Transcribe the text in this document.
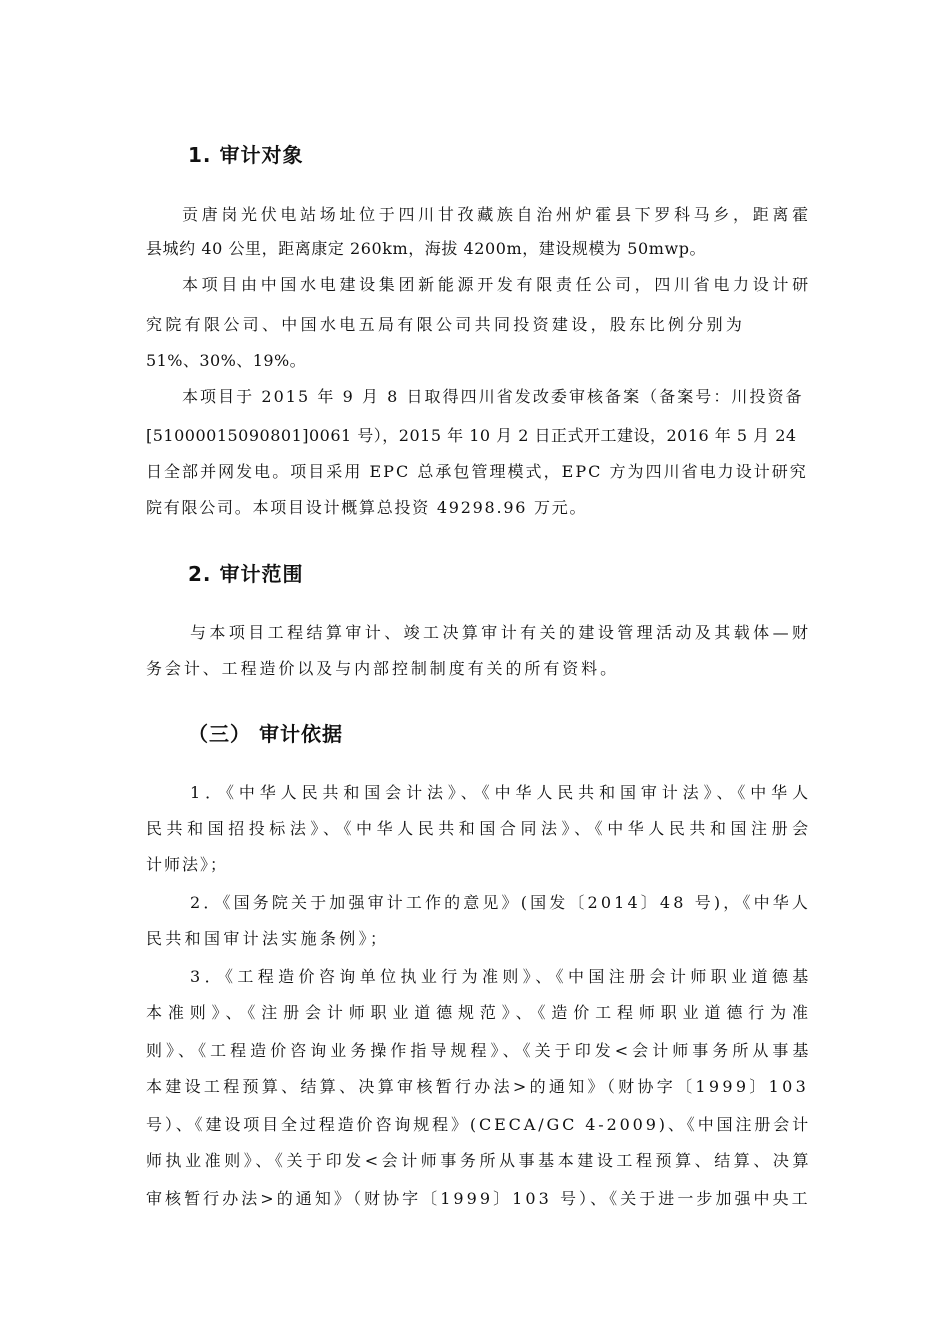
1. 审计对象
贡唐岗光伏电站场址位于四川甘孜藏族自治州炉霍县下罗科马乡，距离霍
县城约 40 公里，距离康定 260km，海拔 4200m，建设规模为 50mwp。
本项目由中国水电建设集团新能源开发有限责任公司，四川省电力设计研
究院有限公司、中国水电五局有限公司共同投资建设，股东比例分别为
51%、30%、19%。
本项目于 2015 年 9 月 8 日取得四川省发改委审核备案（备案号：川投资备
[51000015090801]0061 号），2015 年 10 月 2 日正式开工建设，2016 年 5 月 24
日全部并网发电。项目采用 EPC 总承包管理模式，EPC 方为四川省电力设计研究
院有限公司。本项目设计概算总投资 49298.96 万元。
2. 审计范围
与本项目工程结算审计、竣工决算审计有关的建设管理活动及其载体—财
务会计、工程造价以及与内部控制制度有关的所有资料。
（三） 审计依据
1．《中华人民共和国会计法》、《中华人民共和国审计法》、《中华人
民共和国招投标法》、《中华人民共和国合同法》、《中华人民共和国注册会
计师法》；
2．《国务院关于加强审计工作的意见》(国发〔2014〕48 号)，《中华人
民共和国审计法实施条例》；
3．《工程造价咨询单位执业行为准则》、《中国注册会计师职业道德基
本准则》、《注册会计师职业道德规范》、《造价工程师职业道德行为准
则》、《工程造价咨询业务操作指导规程》、《关于印发<会计师事务所从事基
本建设工程预算、结算、决算审核暂行办法>的通知》（财协字〔1999〕103
号）、《建设项目全过程造价咨询规程》(CECA/GC 4-2009)、《中国注册会计
师执业准则》、《关于印发<会计师事务所从事基本建设工程预算、结算、决算
审核暂行办法>的通知》（财协字〔1999〕103 号）、《关于进一步加强中央工
